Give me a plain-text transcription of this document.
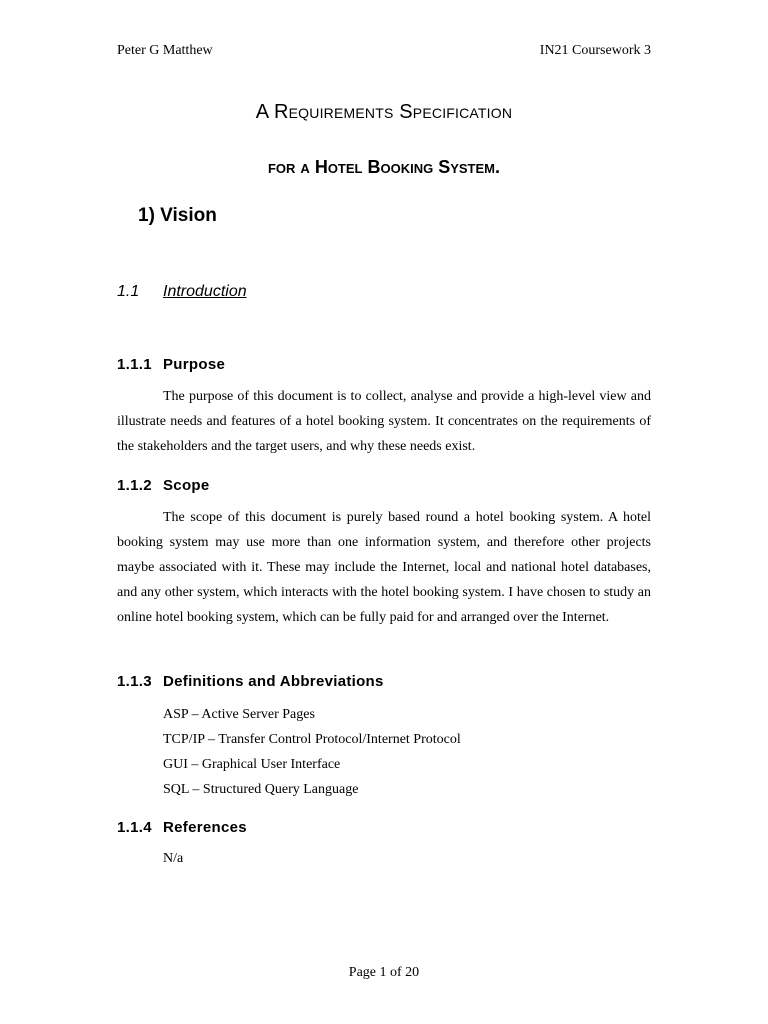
Peter G Matthew	IN21 Coursework 3
A Requirements Specification
for a Hotel Booking System.
1) Vision
1.1 Introduction
1.1.1 Purpose

The purpose of this document is to collect, analyse and provide a high-level view and illustrate needs and features of a hotel booking system. It concentrates on the requirements of the stakeholders and the target users, and why these needs exist.

1.1.2 Scope

The scope of this document is purely based round a hotel booking system. A hotel booking system may use more than one information system, and therefore other projects maybe associated with it. These may include the Internet, local and national hotel databases, and any other system, which interacts with the hotel booking system. I have chosen to study an online hotel booking system, which can be fully paid for and arranged over the Internet.

1.1.3 Definitions and Abbreviations
ASP – Active Server Pages
TCP/IP – Transfer Control Protocol/Internet Protocol
GUI – Graphical User Interface
SQL – Structured Query Language
1.1.4 References
N/a
Page 1 of 20
